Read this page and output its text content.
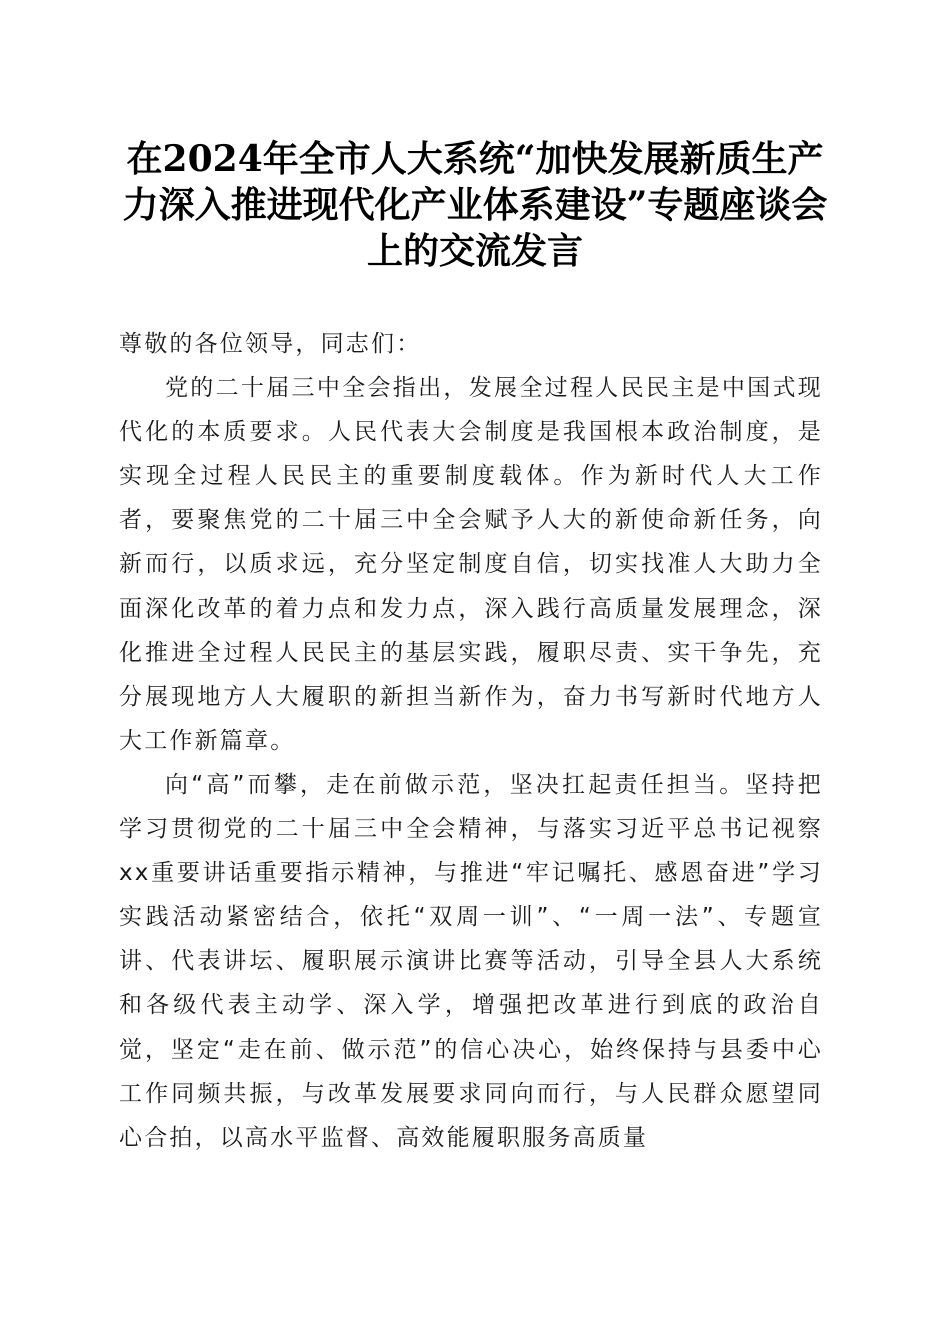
在2024年全市人大系统“加快发展新质生产力深入推进现代化产业体系建设”专题座谈会上的交流发言

尊敬的各位领导，同志们：

党的二十届三中全会指出，发展全过程人民民主是中国式现代化的本质要求。人民代表大会制度是我国根本政治制度，是实现全过程人民民主的重要制度载体。作为新时代人大工作者，要聚焦党的二十届三中全会赋予人大的新使命新任务，向新而行，以质求远，充分坚定制度自信，切实找准人大助力全面深化改革的着力点和发力点，深入践行高质量发展理念，深化推进全过程人民民主的基层实践，履职尽责、实干争先，充分展现地方人大履职的新担当新作为，奋力书写新时代地方人大工作新篇章。

向“高”而攀，走在前做示范，坚决扛起责任担当。坚持把学习贯彻党的二十届三中全会精神，与落实习近平总书记视察xx重要讲话重要指示精神，与推进“牢记嘱托、感恩奋进”学习实践活动紧密结合，依托“双周一训”、“一周一法”、专题宣讲、代表讲坛、履职展示演讲比赛等活动，引导全县人大系统和各级代表主动学、深入学，增强把改革进行到底的政治自觉，坚定“走在前、做示范”的信心决心，始终保持与县委中心工作同频共振，与改革发展要求同向而行，与人民群众愿望同心合拍，以高水平监督、高效能履职服务高质量
